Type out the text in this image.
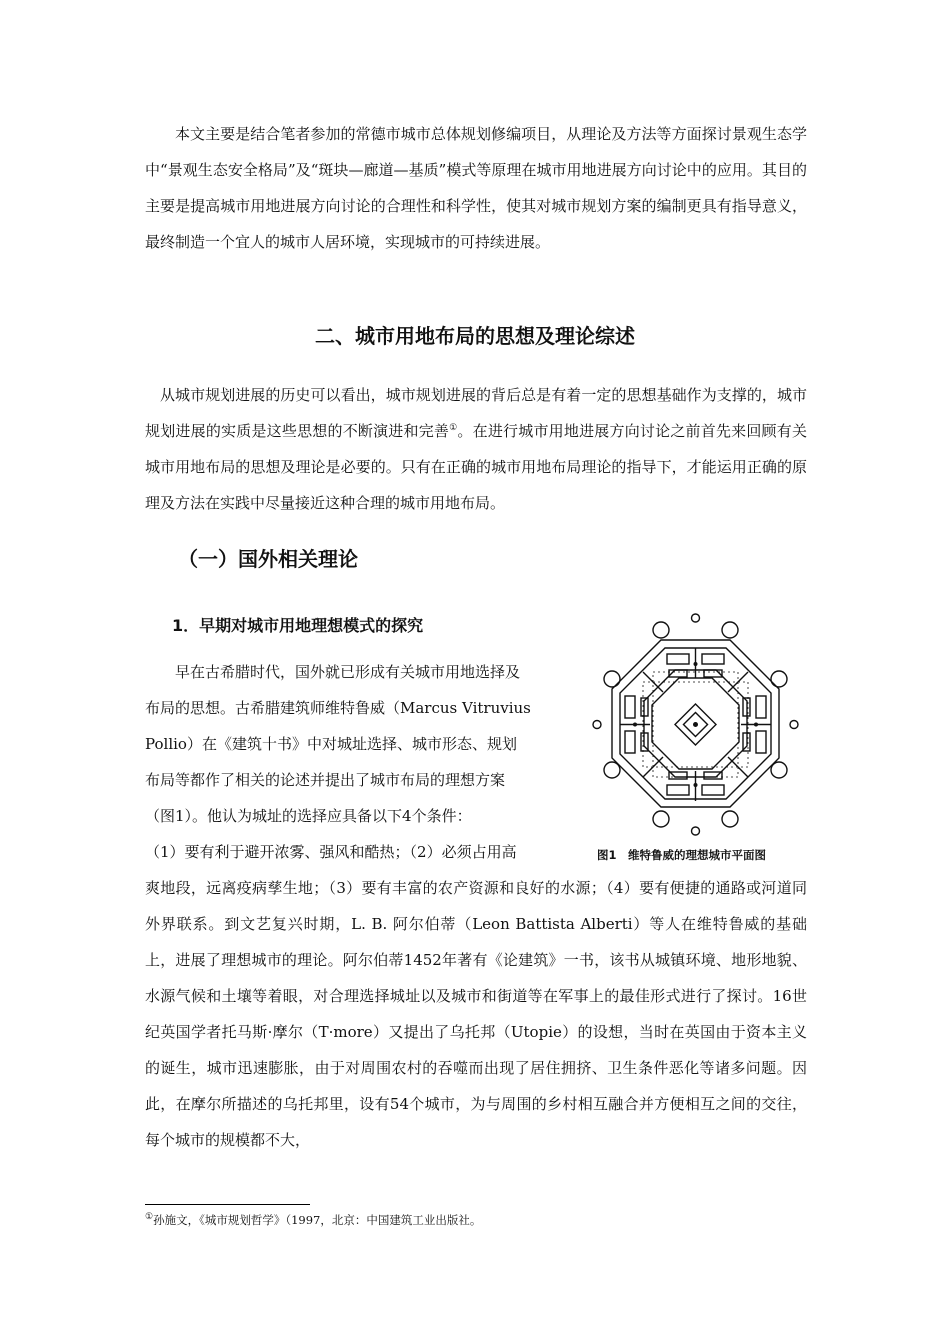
本文主要是结合笔者参加的常德市城市总体规划修编项目，从理论及方法等方面探讨景观生态学中“景观生态安全格局”及“斑块—廊道—基质”模式等原理在城市用地进展方向讨论中的应用。其目的主要是提高城市用地进展方向讨论的合理性和科学性，使其对城市规划方案的编制更具有指导意义，最终制造一个宜人的城市人居环境，实现城市的可持续进展。

二、城市用地布局的思想及理论综述

从城市规划进展的历史可以看出，城市规划进展的背后总是有着一定的思想基础作为支撑的，城市规划进展的实质是这些思想的不断演进和完善①。在进行城市用地进展方向讨论之前首先来回顾有关城市用地布局的思想及理论是必要的。只有在正确的城市用地布局理论的指导下，才能运用正确的原理及方法在实践中尽量接近这种合理的城市用地布局。

（一）国外相关理论
1．早期对城市用地理想模式的探究
　　早在古希腊时代，国外就已形成有关城市用地选择及
布局的思想。古希腊建筑师维特鲁威（Marcus Vitruvius
Pollio）在《建筑十书》中对城址选择、城市形态、规划
布局等都作了相关的论述并提出了城市布局的理想方案
（图1）。他认为城址的选择应具备以下4个条件：
（1）要有利于避开浓雾、强风和酷热；（2）必须占用高

爽地段，远离疫病孳生地；（3）要有丰富的农产资源和良好的水源；（4）要有便捷的通路或河道同外界联系。到文艺复兴时期，L. B. 阿尔伯蒂（Leon Battista Alberti）等人在维特鲁威的基础上，进展了理想城市的理论。阿尔伯蒂1452年著有《论建筑》一书，该书从城镇环境、地形地貌、水源气候和土壤等着眼，对合理选择城址以及城市和街道等在军事上的最佳形式进行了探讨。16世纪英国学者托马斯·摩尔（T·more）又提出了乌托邦（Utopie）的设想，当时在英国由于资本主义的诞生，城市迅速膨胀，由于对周围农村的吞噬而出现了居住拥挤、卫生条件恶化等诸多问题。因此，在摩尔所描述的乌托邦里，设有54个城市，为与周围的乡村相互融合并方便相互之间的交往，每个城市的规模都不大，

图1　维特鲁威的理想城市平面图

①孙施文，《城市规划哲学》（1997，北京：中国建筑工业出版社。
